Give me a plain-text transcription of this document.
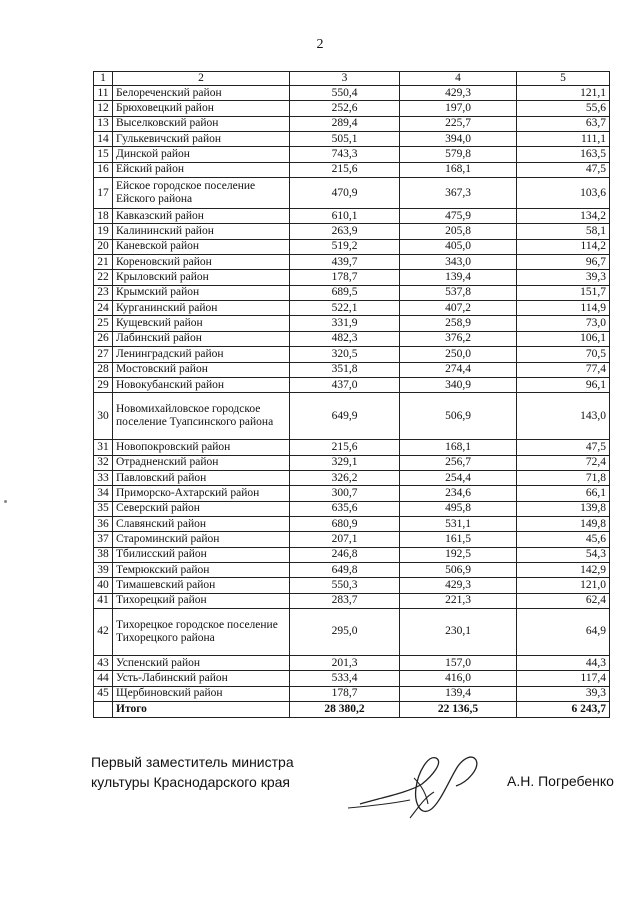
2
1	2	3	4	5
11	Белореченский район	550,4	429,3	121,1
12	Брюховецкий район	252,6	197,0	55,6
13	Выселковский район	289,4	225,7	63,7
14	Гулькевичский район	505,1	394,0	111,1
15	Динской район	743,3	579,8	163,5
16	Ейский район	215,6	168,1	47,5
17	Ейское городское поселение Ейского района	470,9	367,3	103,6
18	Кавказский район	610,1	475,9	134,2
19	Калининский район	263,9	205,8	58,1
20	Каневской район	519,2	405,0	114,2
21	Кореновский район	439,7	343,0	96,7
22	Крыловский район	178,7	139,4	39,3
23	Крымский район	689,5	537,8	151,7
24	Курганинский район	522,1	407,2	114,9
25	Кущевский район	331,9	258,9	73,0
26	Лабинский район	482,3	376,2	106,1
27	Ленинградский район	320,5	250,0	70,5
28	Мостовский район	351,8	274,4	77,4
29	Новокубанский район	437,0	340,9	96,1
30	Новомихайловское городское поселение Туапсинского района	649,9	506,9	143,0
31	Новопокровский район	215,6	168,1	47,5
32	Отрадненский район	329,1	256,7	72,4
33	Павловский район	326,2	254,4	71,8
34	Приморско-Ахтарский район	300,7	234,6	66,1
35	Северский район	635,6	495,8	139,8
36	Славянский район	680,9	531,1	149,8
37	Староминский район	207,1	161,5	45,6
38	Тбилисский район	246,8	192,5	54,3
39	Темрюкский район	649,8	506,9	142,9
40	Тимашевский район	550,3	429,3	121,0
41	Тихорецкий район	283,7	221,3	62,4
42	Тихорецкое городское поселение Тихорецкого района	295,0	230,1	64,9
43	Успенский район	201,3	157,0	44,3
44	Усть-Лабинский район	533,4	416,0	117,4
45	Щербиновский район	178,7	139,4	39,3
	Итого	28 380,2	22 136,5	6 243,7
Первый заместитель министра
культуры Краснодарского края	А.Н. Погребенко
